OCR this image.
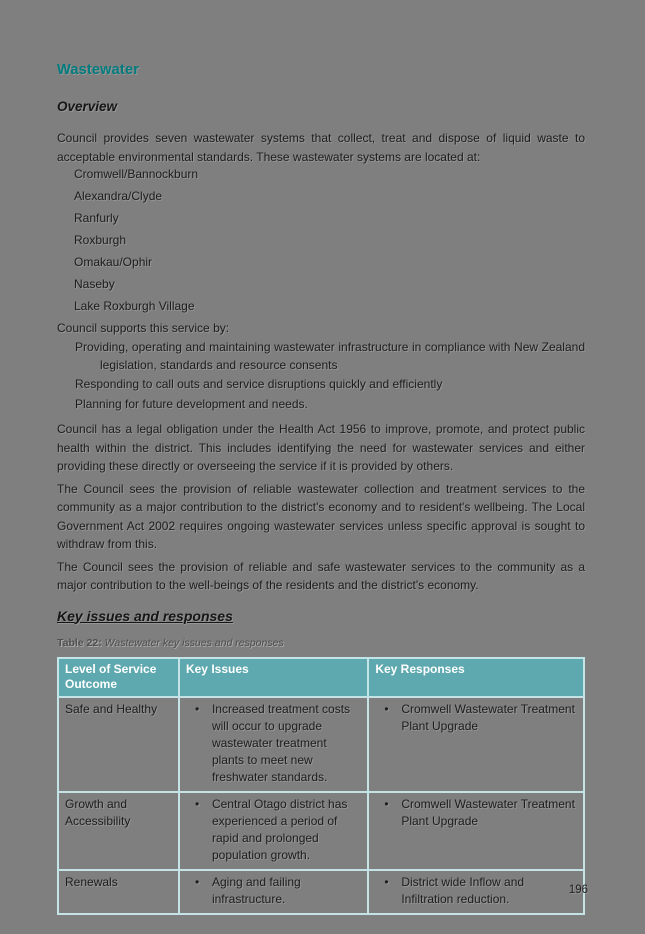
Wastewater
Overview

Council provides seven wastewater systems that collect, treat and dispose of liquid waste to acceptable environmental standards. These wastewater systems are located at:

Cromwell/Bannockburn
Alexandra/Clyde
Ranfurly
Roxburgh
Omakau/Ophir
Naseby
Lake Roxburgh Village

Council supports this service by:

Providing, operating and maintaining wastewater infrastructure in compliance with New Zealand legislation, standards and resource consents
Responding to call outs and service disruptions quickly and efficiently
Planning for future development and needs.

Council has a legal obligation under the Health Act 1956 to improve, promote, and protect public health within the district. This includes identifying the need for wastewater services and either providing these directly or overseeing the service if it is provided by others.

The Council sees the provision of reliable wastewater collection and treatment services to the community as a major contribution to the district's economy and to resident's wellbeing. The Local Government Act 2002 requires ongoing wastewater services unless specific approval is sought to withdraw from this.

The Council sees the provision of reliable and safe wastewater services to the community as a major contribution to the well-beings of the residents and the district's economy.

Key issues and responses

Table 22: Wastewater key issues and responses

Level of Service Outcome	Key Issues	Key Responses
Safe and Healthy	• Increased treatment costs will occur to upgrade wastewater treatment plants to meet new freshwater standards.	• Cromwell Wastewater Treatment Plant Upgrade

Growth and Accessibility	• Central Otago district has experienced a period of rapid and prolonged population growth.	• Cromwell Wastewater Treatment Plant Upgrade

Renewals	• Aging and failing infrastructure.	• District wide Inflow and Infiltration reduction.
196
